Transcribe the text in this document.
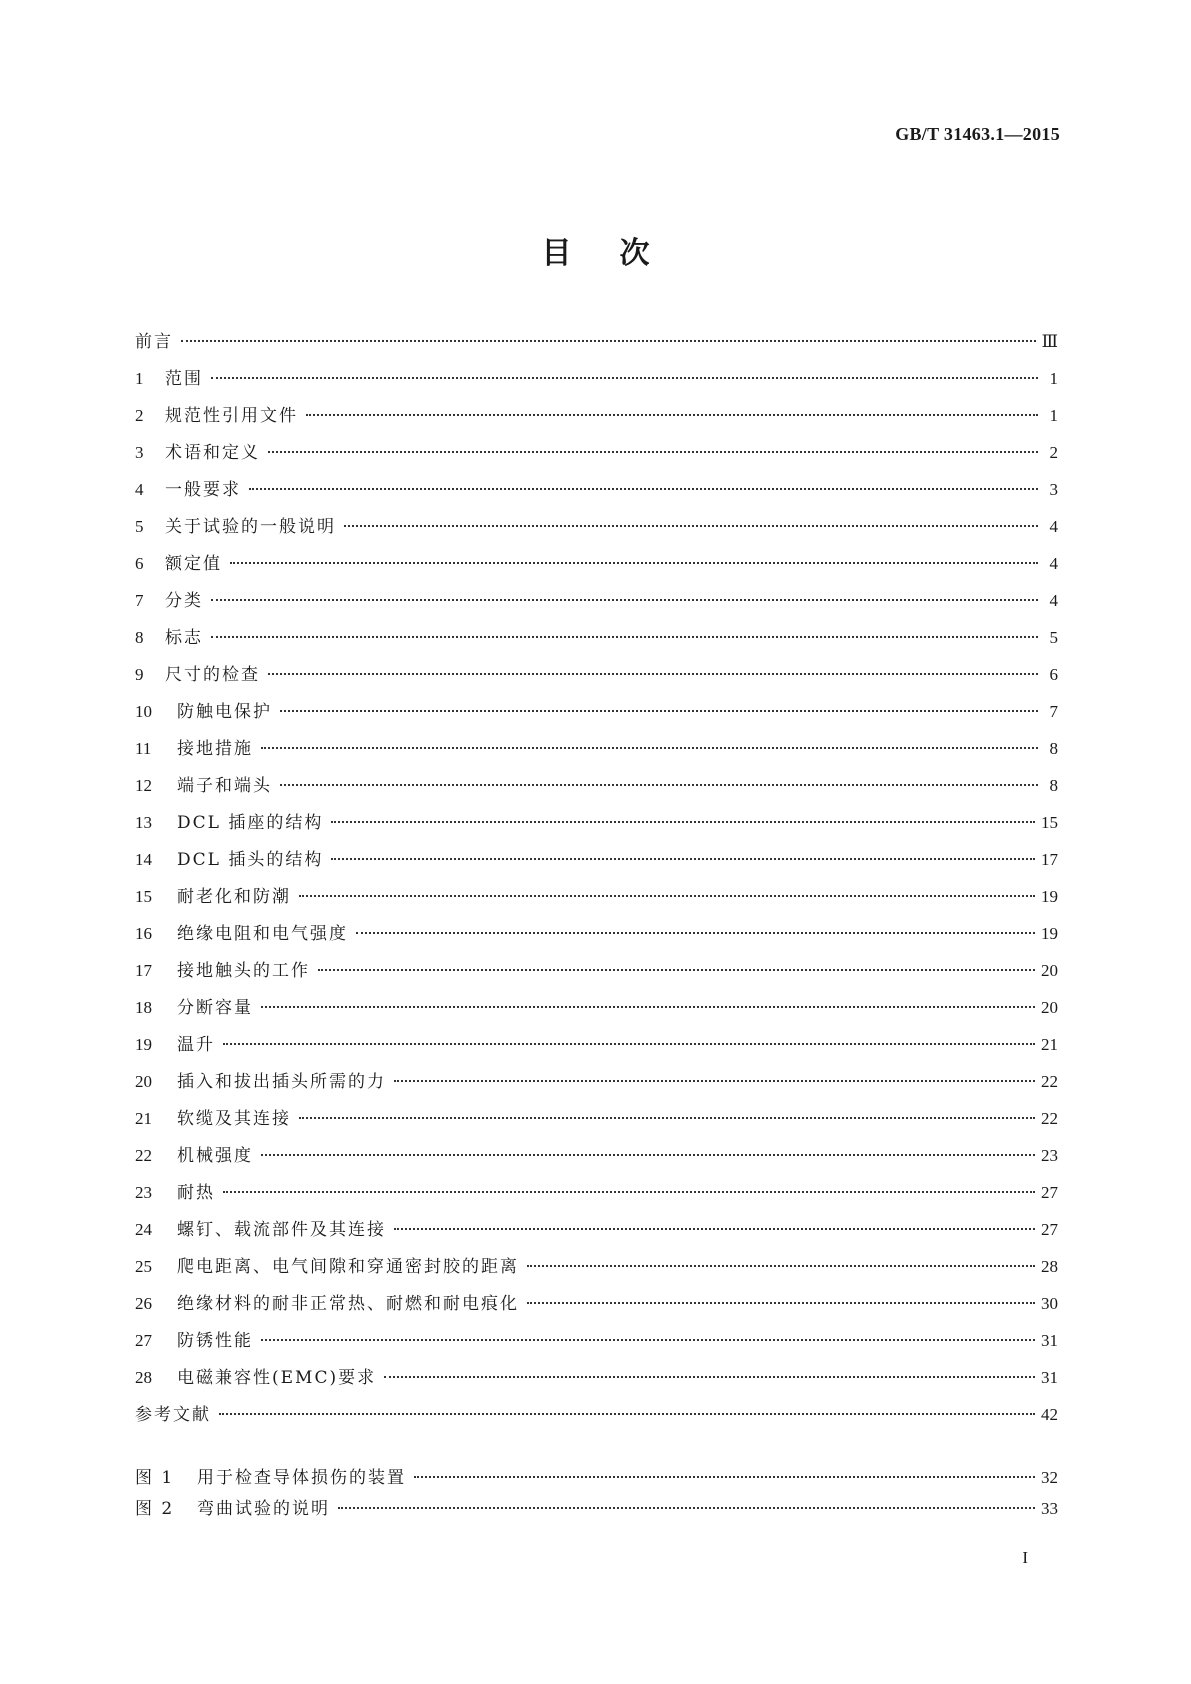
GB/T 31463.1—2015
目次
前言	Ⅲ
1	范围	1
2	规范性引用文件	1
3	术语和定义	2
4	一般要求	3
5	关于试验的一般说明	4
6	额定值	4
7	分类	4
8	标志	5
9	尺寸的检查	6
10	防触电保护	7
11	接地措施	8
12	端子和端头	8
13	DCL 插座的结构	15
14	DCL 插头的结构	17
15	耐老化和防潮	19
16	绝缘电阻和电气强度	19
17	接地触头的工作	20
18	分断容量	20
19	温升	21
20	插入和拔出插头所需的力	22
21	软缆及其连接	22
22	机械强度	23
23	耐热	27
24	螺钉、载流部件及其连接	27
25	爬电距离、电气间隙和穿通密封胶的距离	28
26	绝缘材料的耐非正常热、耐燃和耐电痕化	30
27	防锈性能	31
28	电磁兼容性(EMC)要求	31
参考文献	42
图 1	用于检查导体损伤的装置	32
图 2	弯曲试验的说明	33
I
